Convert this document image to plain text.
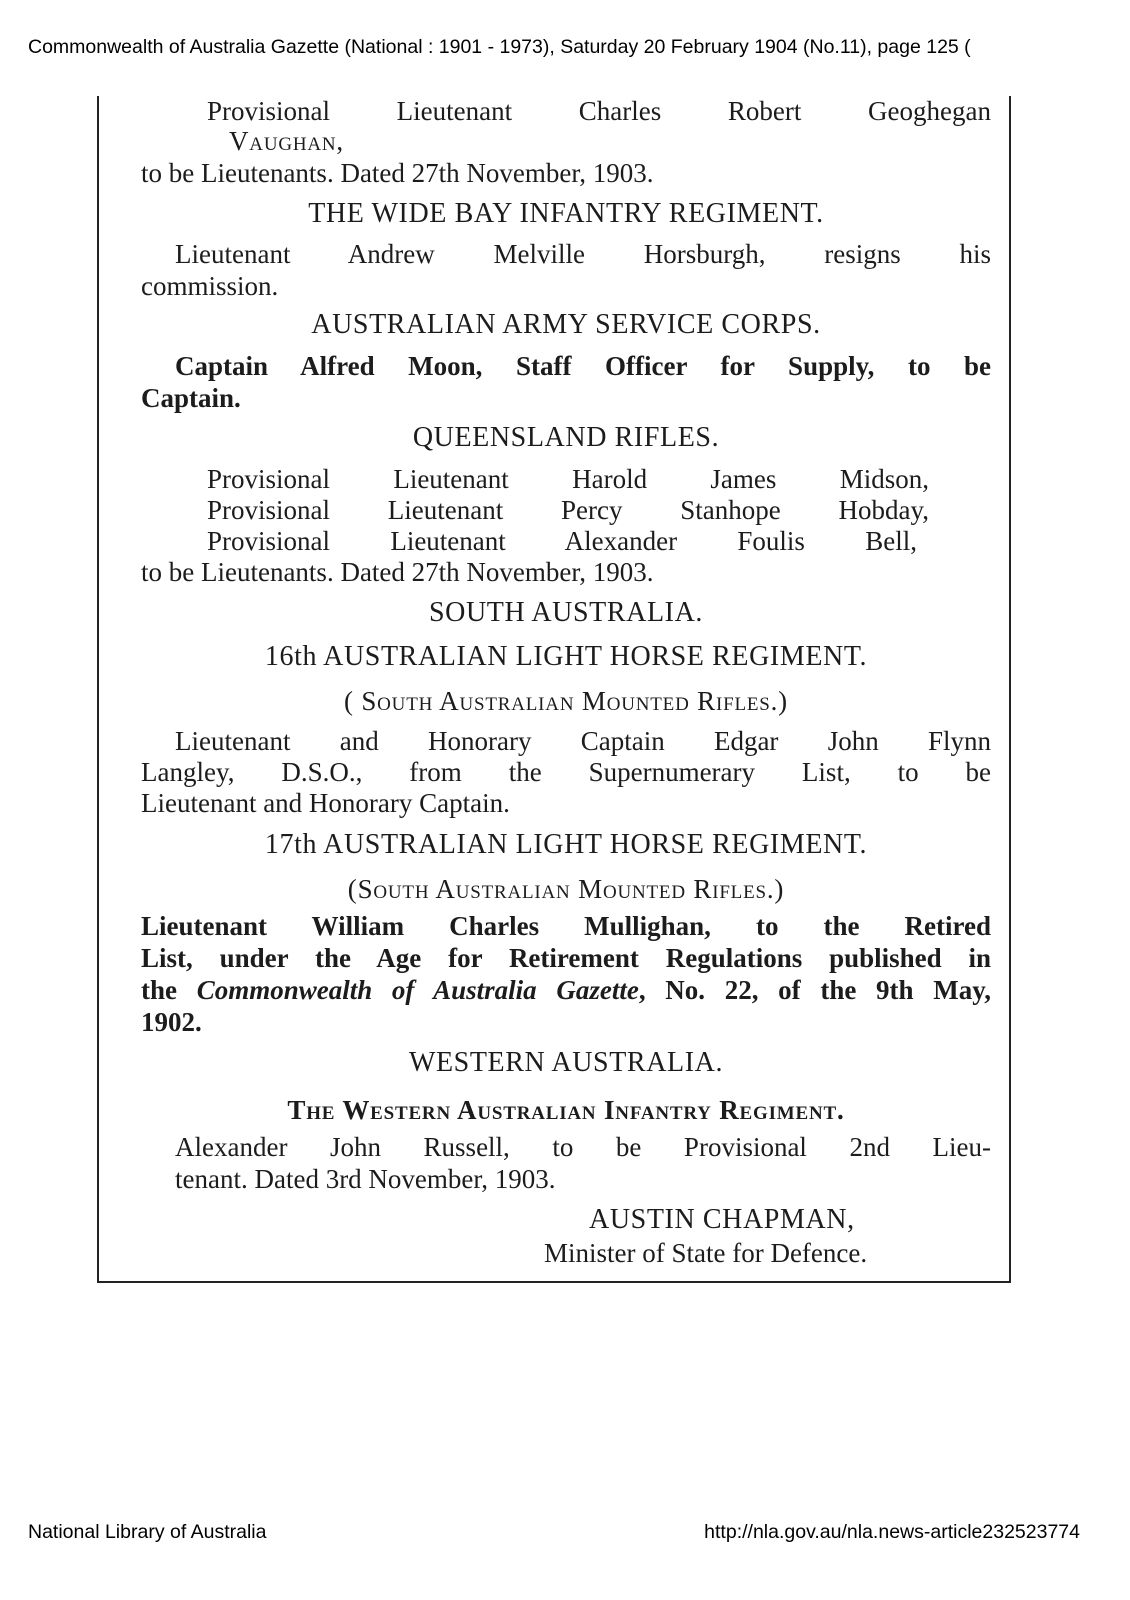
Commonwealth of Australia Gazette (National : 1901 - 1973), Saturday 20 February 1904 (No.11), page 125 (
Provisional Lieutenant Charles Robert Geoghegan
Vaughan,
to be Lieutenants. Dated 27th November, 1903.
THE WIDE BAY INFANTRY REGIMENT.
Lieutenant Andrew Melville Horsburgh, resigns his
commission.
AUSTRALIAN ARMY SERVICE CORPS.
Captain Alfred Moon, Staff Officer for Supply, to be
Captain.
QUEENSLAND RIFLES.
Provisional Lieutenant Harold James Midson,
Provisional Lieutenant Percy Stanhope Hobday,
Provisional Lieutenant Alexander Foulis Bell,
to be Lieutenants. Dated 27th November, 1903.
SOUTH AUSTRALIA.
16th AUSTRALIAN LIGHT HORSE REGIMENT.
( South Australian Mounted Rifles.)
Lieutenant and Honorary Captain Edgar John Flynn
Langley, D.S.O., from the Supernumerary List, to be
Lieutenant and Honorary Captain.
17th AUSTRALIAN LIGHT HORSE REGIMENT.
(South Australian Mounted Rifles.)
Lieutenant William Charles Mullighan, to the Retired
List, under the Age for Retirement Regulations published in
the Commonwealth of Australia Gazette, No. 22, of the 9th May,
1902.
WESTERN AUSTRALIA.
The Western Australian Infantry Regiment.
Alexander John Russell, to be Provisional 2nd Lieu-
tenant. Dated 3rd November, 1903.
AUSTIN CHAPMAN,
Minister of State for Defence.
National Library of Australia	http://nla.gov.au/nla.news-article232523774
